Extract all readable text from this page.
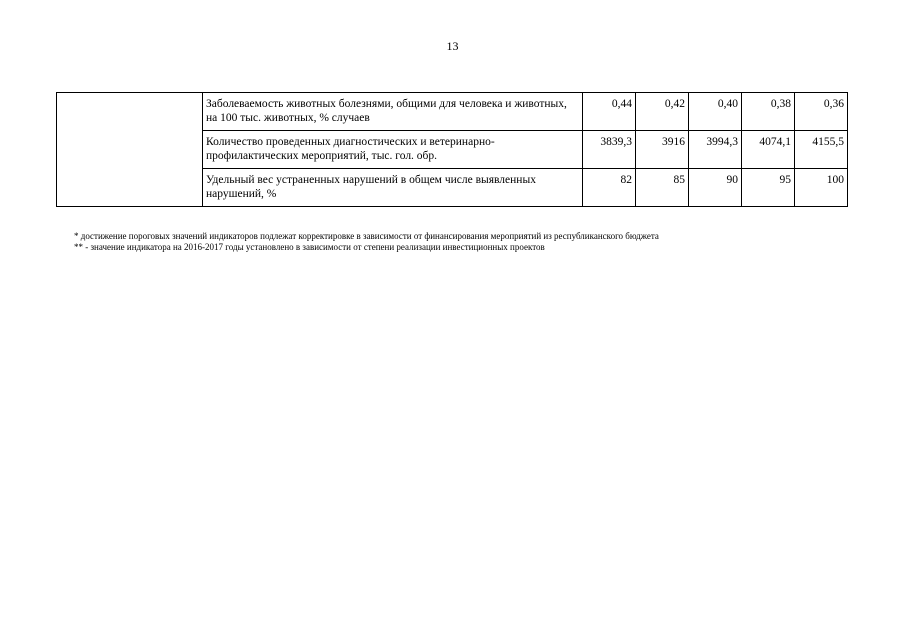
13
	Заболеваемость животных болезнями, общими для человека и животных, на 100 тыс. животных, % случаев	0,44	0,42	0,40	0,38	0,36
	Количество проведенных диагностических и ветеринарно-профилактических мероприятий, тыс. гол. обр.	3839,3	3916	3994,3	4074,1	4155,5
	Удельный вес устраненных нарушений в общем числе выявленных нарушений, %	82	85	90	95	100
* достижение пороговых значений индикаторов подлежат корректировке в зависимости от финансирования мероприятий из республиканского бюджета
** - значение индикатора на 2016-2017 годы установлено в зависимости от степени реализации инвестиционных проектов
